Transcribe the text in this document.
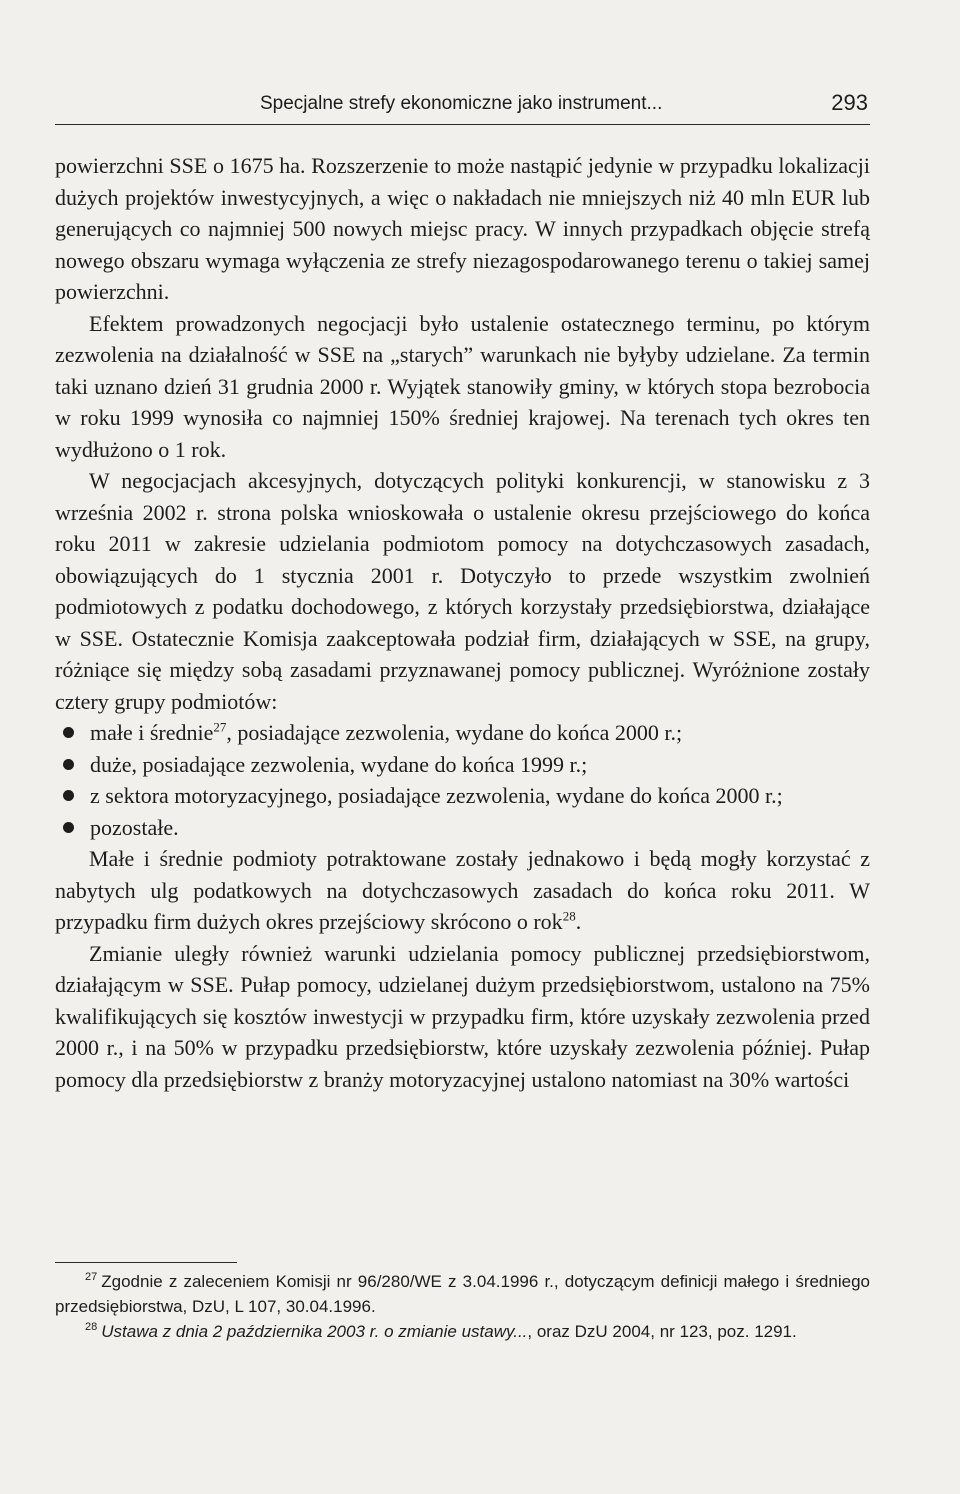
Specjalne strefy ekonomiczne jako instrument...	293

powierzchni SSE o 1675 ha. Rozszerzenie to może nastąpić jedynie w przypadku lokalizacji dużych projektów inwestycyjnych, a więc o nakładach nie mniejszych niż 40 mln EUR lub generujących co najmniej 500 nowych miejsc pracy. W innych przypadkach objęcie strefą nowego obszaru wymaga wyłączenia ze strefy niezagospodarowanego terenu o takiej samej powierzchni.

Efektem prowadzonych negocjacji było ustalenie ostatecznego terminu, po którym zezwolenia na działalność w SSE na „starych” warunkach nie byłyby udzielane. Za termin taki uznano dzień 31 grudnia 2000 r. Wyjątek stanowiły gminy, w których stopa bezrobocia w roku 1999 wynosiła co najmniej 150% średniej krajowej. Na terenach tych okres ten wydłużono o 1 rok.

W negocjacjach akcesyjnych, dotyczących polityki konkurencji, w stanowisku z 3 września 2002 r. strona polska wnioskowała o ustalenie okresu przejściowego do końca roku 2011 w zakresie udzielania podmiotom pomocy na dotychczasowych zasadach, obowiązujących do 1 stycznia 2001 r. Dotyczyło to przede wszystkim zwolnień podmiotowych z podatku dochodowego, z których korzystały przedsiębiorstwa, działające w SSE. Ostatecznie Komisja zaakceptowała podział firm, działających w SSE, na grupy, różniące się między sobą zasadami przyznawanej pomocy publicznej. Wyróżnione zostały cztery grupy podmiotów:

małe i średnie$^{27}$, posiadające zezwolenia, wydane do końca 2000 r.;

duże, posiadające zezwolenia, wydane do końca 1999 r.;

z sektora motoryzacyjnego, posiadające zezwolenia, wydane do końca 2000 r.;

pozostałe.

Małe i średnie podmioty potraktowane zostały jednakowo i będą mogły korzystać z nabytych ulg podatkowych na dotychczasowych zasadach do końca roku 2011. W przypadku firm dużych okres przejściowy skrócono o rok$^{28}$.

Zmianie uległy również warunki udzielania pomocy publicznej przedsiębiorstwom, działającym w SSE. Pułap pomocy, udzielanej dużym przedsiębiorstwom, ustalono na 75% kwalifikujących się kosztów inwestycji w przypadku firm, które uzyskały zezwolenia przed 2000 r., i na 50% w przypadku przedsiębiorstw, które uzyskały zezwolenia później. Pułap pomocy dla przedsiębiorstw z branży motoryzacyjnej ustalono natomiast na 30% wartości

$^{27}$ Zgodnie z zaleceniem Komisji nr 96/280/WE z 3.04.1996 r., dotyczącym definicji małego i średniego przedsiębiorstwa, DzU, L 107, 30.04.1996.

$^{28}$ Ustawa z dnia 2 października 2003 r. o zmianie ustawy..., oraz DzU 2004, nr 123, poz. 1291.
